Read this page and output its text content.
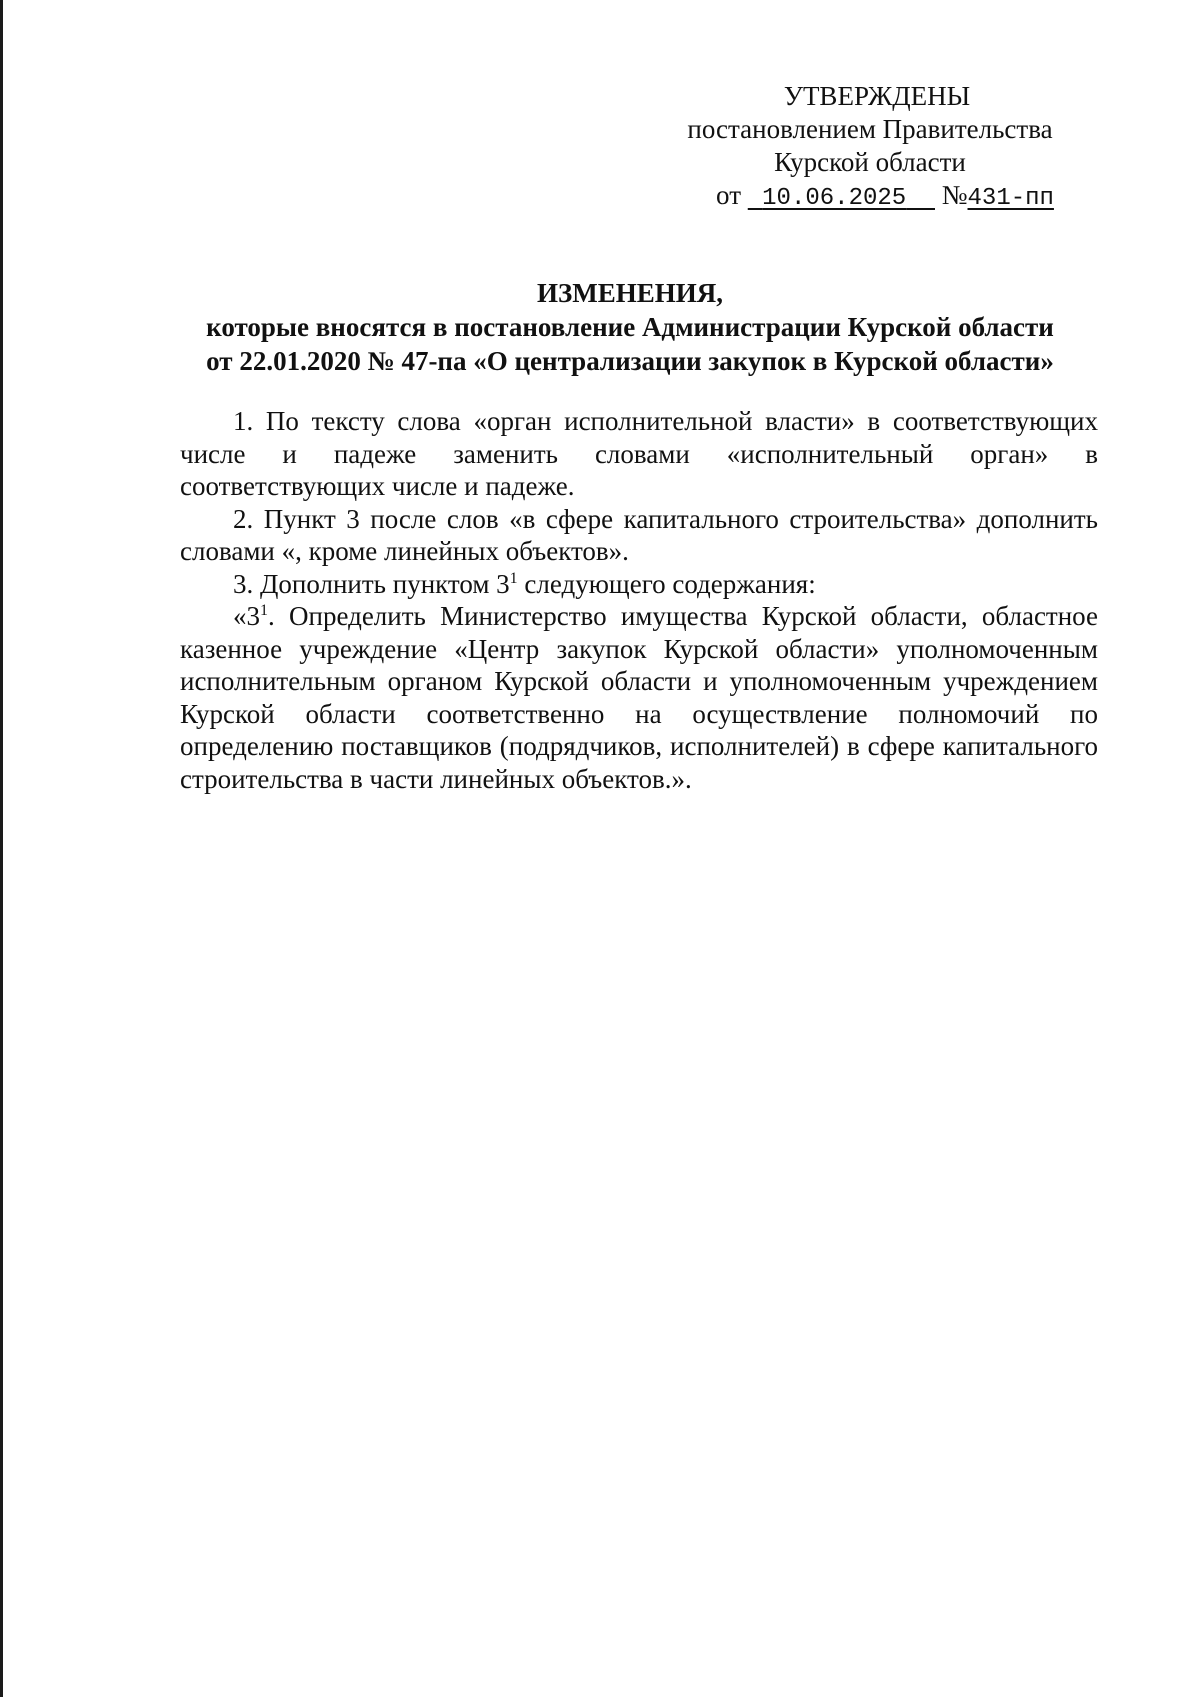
УТВЕРЖДЕНЫ
постановлением Правительства
Курской области
от 10.06.2025 №431-пп
ИЗМЕНЕНИЯ,
которые вносятся в постановление Администрации Курской области
от 22.01.2020 № 47-па «О централизации закупок в Курской области»

1. По тексту слова «орган исполнительной власти» в соответствующих числе и падеже заменить словами «исполнительный орган» в соответствующих числе и падеже.

2. Пункт 3 после слов «в сфере капитального строительства» дополнить словами «, кроме линейных объектов».

3. Дополнить пунктом $3^1$ следующего содержания:

«$3^1$. Определить Министерство имущества Курской области, областное казенное учреждение «Центр закупок Курской области» уполномоченным исполнительным органом Курской области и уполномоченным учреждением Курской области соответственно на осуществление полномочий по определению поставщиков (подрядчиков, исполнителей) в сфере капитального строительства в части линейных объектов.».
